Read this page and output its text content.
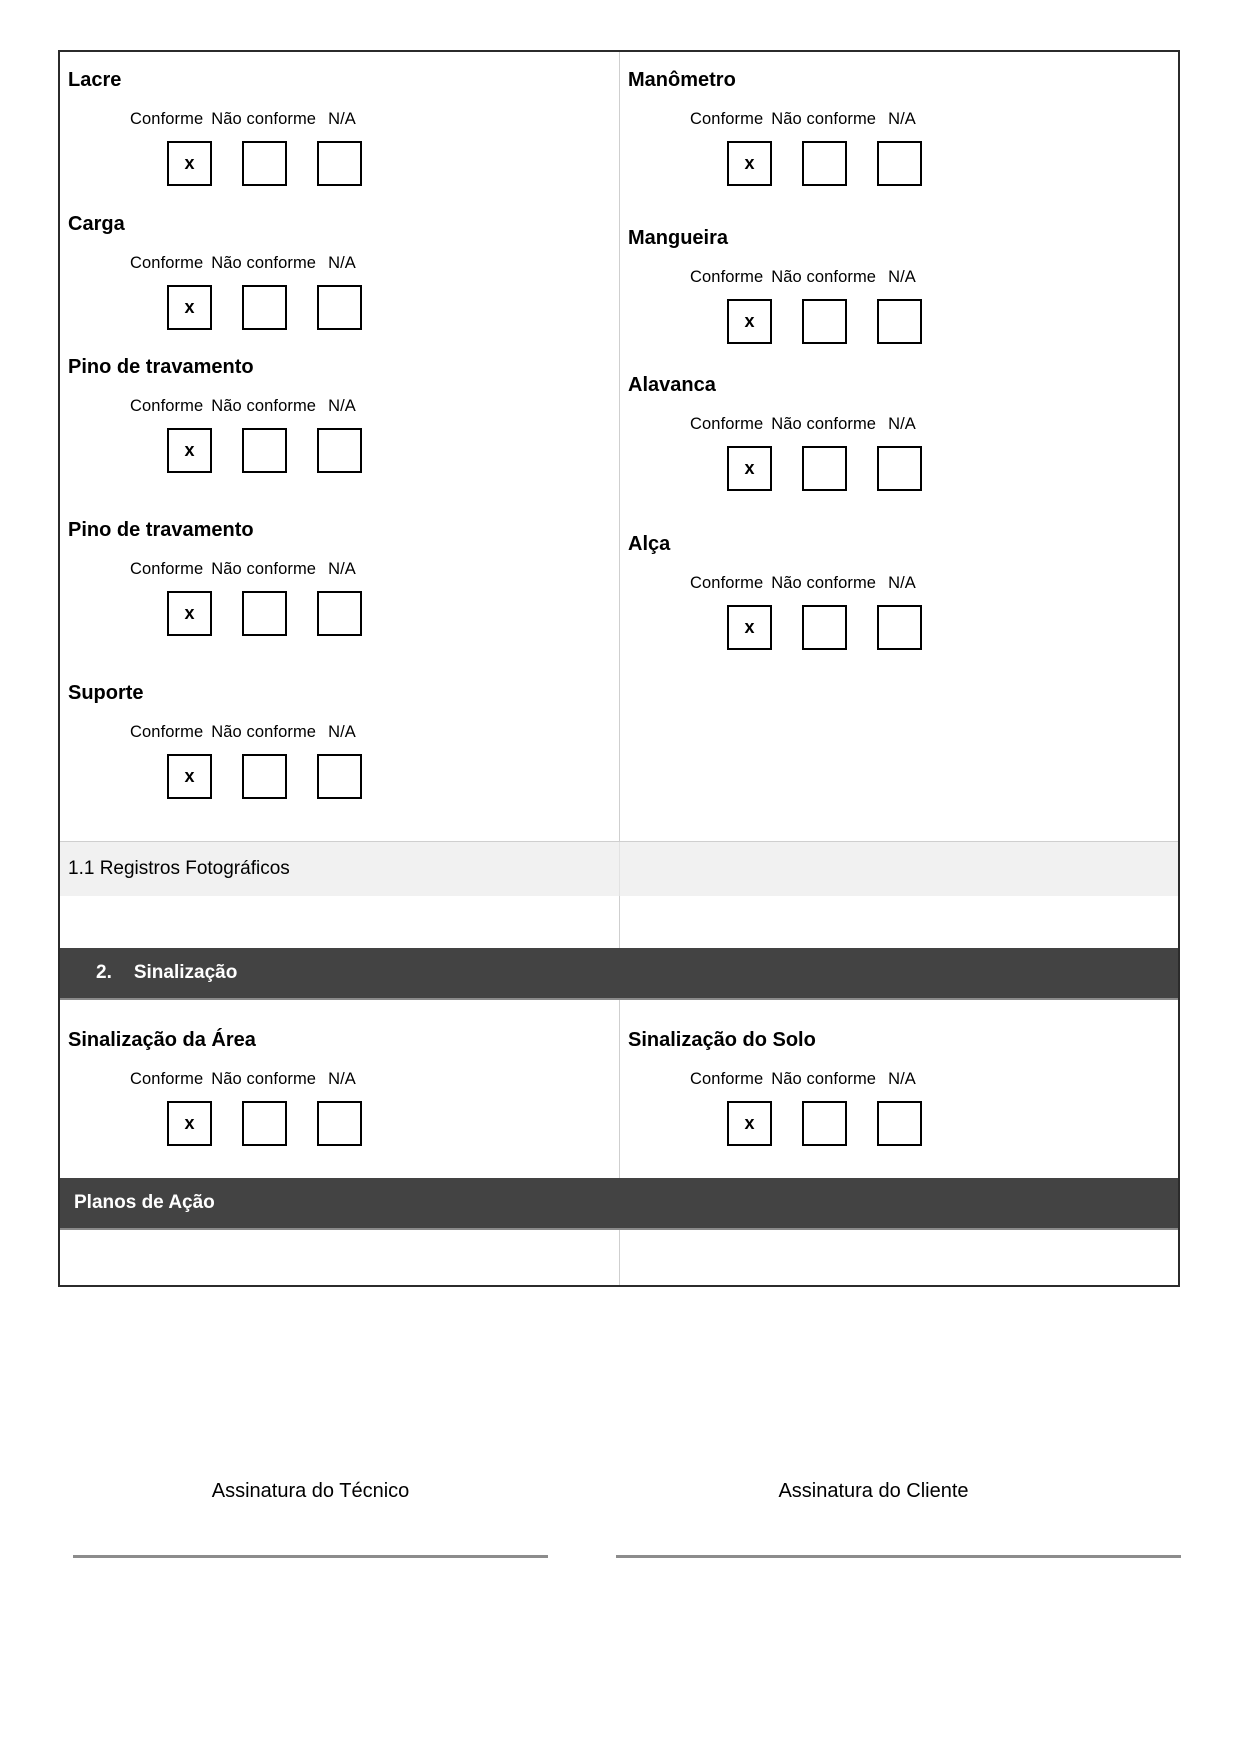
Lacre
Conforme Não conforme N/A
x
Carga
Conforme Não conforme N/A
x
Pino de travamento
Conforme Não conforme N/A
x
Pino de travamento
Conforme Não conforme N/A
x
Suporte
Conforme Não conforme N/A
x
Manômetro
Conforme Não conforme N/A
x
Mangueira
Conforme Não conforme N/A
x
Alavanca
Conforme Não conforme N/A
x
Alça
Conforme Não conforme N/A
x
1.1 Registros Fotográficos
2. Sinalização
Sinalização da Área
Conforme Não conforme N/A
x
Sinalização do Solo
Conforme Não conforme N/A
x
Planos de Ação
Assinatura do Técnico	Assinatura do Cliente
